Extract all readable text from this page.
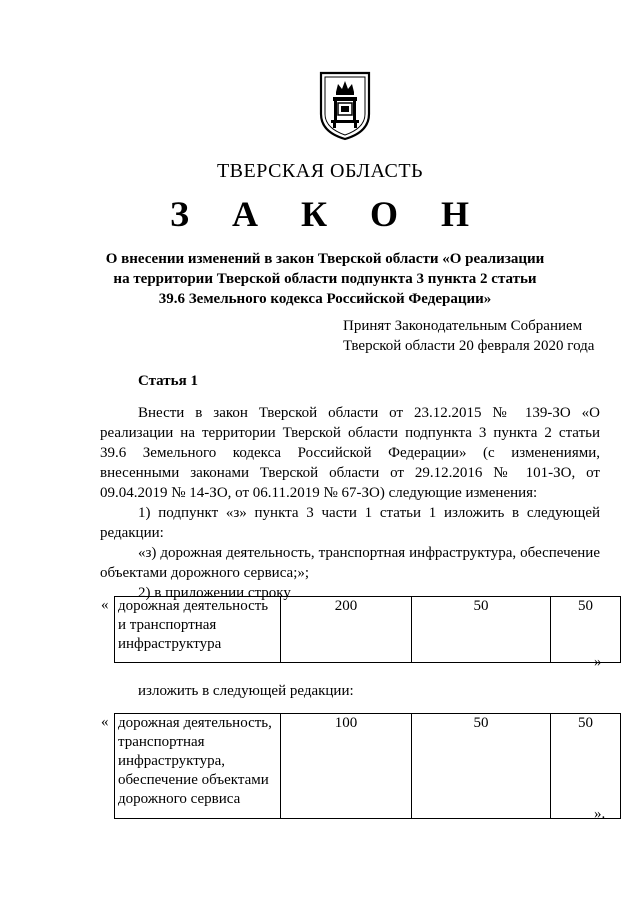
ТВЕРСКАЯ ОБЛАСТЬ
З А К О Н
О внесении изменений в закон Тверской области «О реализации на территории Тверской области подпункта 3 пункта 2 статьи 39.6 Земельного кодекса Российской Федерации»
Принят Законодательным Собранием
Тверской области 20 февраля 2020 года
Статья 1

Внести в закон Тверской области от 23.12.2015 № 139-ЗО «О реализации на территории Тверской области подпункта 3 пункта 2 статьи 39.6 Земельного кодекса Российской Федерации» (с изменениями, внесенными законами Тверской области от 29.12.2016 № 101-ЗО, от 09.04.2019 № 14-ЗО, от 06.11.2019 № 67-ЗО) следующие изменения:

1) подпункт «з» пункта 3 части 1 статьи 1 изложить в следующей редакции:

«з) дорожная деятельность, транспортная инфраструктура, обеспечение объектами дорожного сервиса;»;

2) в приложении строку

« дорожная деятельность и транспортная инфраструктура	200	50	50
»
изложить в следующей редакции:
« дорожная деятельность, транспортная инфраструктура, обеспечение объектами дорожного сервиса	100	50	50
».
